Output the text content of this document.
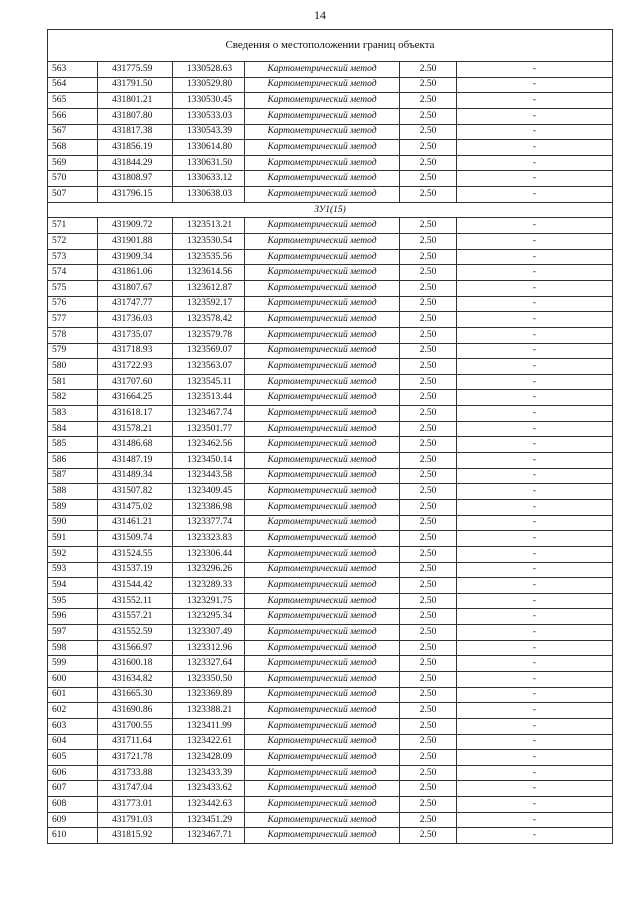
14
Сведения о местоположении границ объекта					
563	431775.59	1330528.63	Картометрический метод	2.50	-
564	431791.50	1330529.80	Картометрический метод	2.50	-
565	431801.21	1330530.45	Картометрический метод	2.50	-
566	431807.80	1330533.03	Картометрический метод	2.50	-
567	431817.38	1330543.39	Картометрический метод	2.50	-
568	431856.19	1330614.80	Картометрический метод	2.50	-
569	431844.29	1330631.50	Картометрический метод	2.50	-
570	431808.97	1330633.12	Картометрический метод	2.50	-
507	431796.15	1330638.03	Картометрический метод	2.50	-
ЗУ1(15)					
571	431909.72	1323513.21	Картометрический метод	2.50	-
572	431901.88	1323530.54	Картометрический метод	2.50	-
573	431909.34	1323535.56	Картометрический метод	2.50	-
574	431861.06	1323614.56	Картометрический метод	2.50	-
575	431807.67	1323612.87	Картометрический метод	2.50	-
576	431747.77	1323592.17	Картометрический метод	2.50	-
577	431736.03	1323578.42	Картометрический метод	2.50	-
578	431735.07	1323579.78	Картометрический метод	2.50	-
579	431718.93	1323569.07	Картометрический метод	2.50	-
580	431722.93	1323563.07	Картометрический метод	2.50	-
581	431707.60	1323545.11	Картометрический метод	2.50	-
582	431664.25	1323513.44	Картометрический метод	2.50	-
583	431618.17	1323467.74	Картометрический метод	2.50	-
584	431578.21	1323501.77	Картометрический метод	2.50	-
585	431486.68	1323462.56	Картометрический метод	2.50	-
586	431487.19	1323450.14	Картометрический метод	2.50	-
587	431489.34	1323443.58	Картометрический метод	2.50	-
588	431507.82	1323409.45	Картометрический метод	2.50	-
589	431475.02	1323386.98	Картометрический метод	2.50	-
590	431461.21	1323377.74	Картометрический метод	2.50	-
591	431509.74	1323323.83	Картометрический метод	2.50	-
592	431524.55	1323306.44	Картометрический метод	2.50	-
593	431537.19	1323296.26	Картометрический метод	2.50	-
594	431544.42	1323289.33	Картометрический метод	2.50	-
595	431552.11	1323291.75	Картометрический метод	2.50	-
596	431557.21	1323295.34	Картометрический метод	2.50	-
597	431552.59	1323307.49	Картометрический метод	2.50	-
598	431566.97	1323312.96	Картометрический метод	2.50	-
599	431600.18	1323327.64	Картометрический метод	2.50	-
600	431634.82	1323350.50	Картометрический метод	2.50	-
601	431665.30	1323369.89	Картометрический метод	2.50	-
602	431690.86	1323388.21	Картометрический метод	2.50	-
603	431700.55	1323411.99	Картометрический метод	2.50	-
604	431711.64	1323422.61	Картометрический метод	2.50	-
605	431721.78	1323428.09	Картометрический метод	2.50	-
606	431733.88	1323433.39	Картометрический метод	2.50	-
607	431747.04	1323433.62	Картометрический метод	2.50	-
608	431773.01	1323442.63	Картометрический метод	2.50	-
609	431791.03	1323451.29	Картометрический метод	2.50	-
610	431815.92	1323467.71	Картометрический метод	2.50	-
